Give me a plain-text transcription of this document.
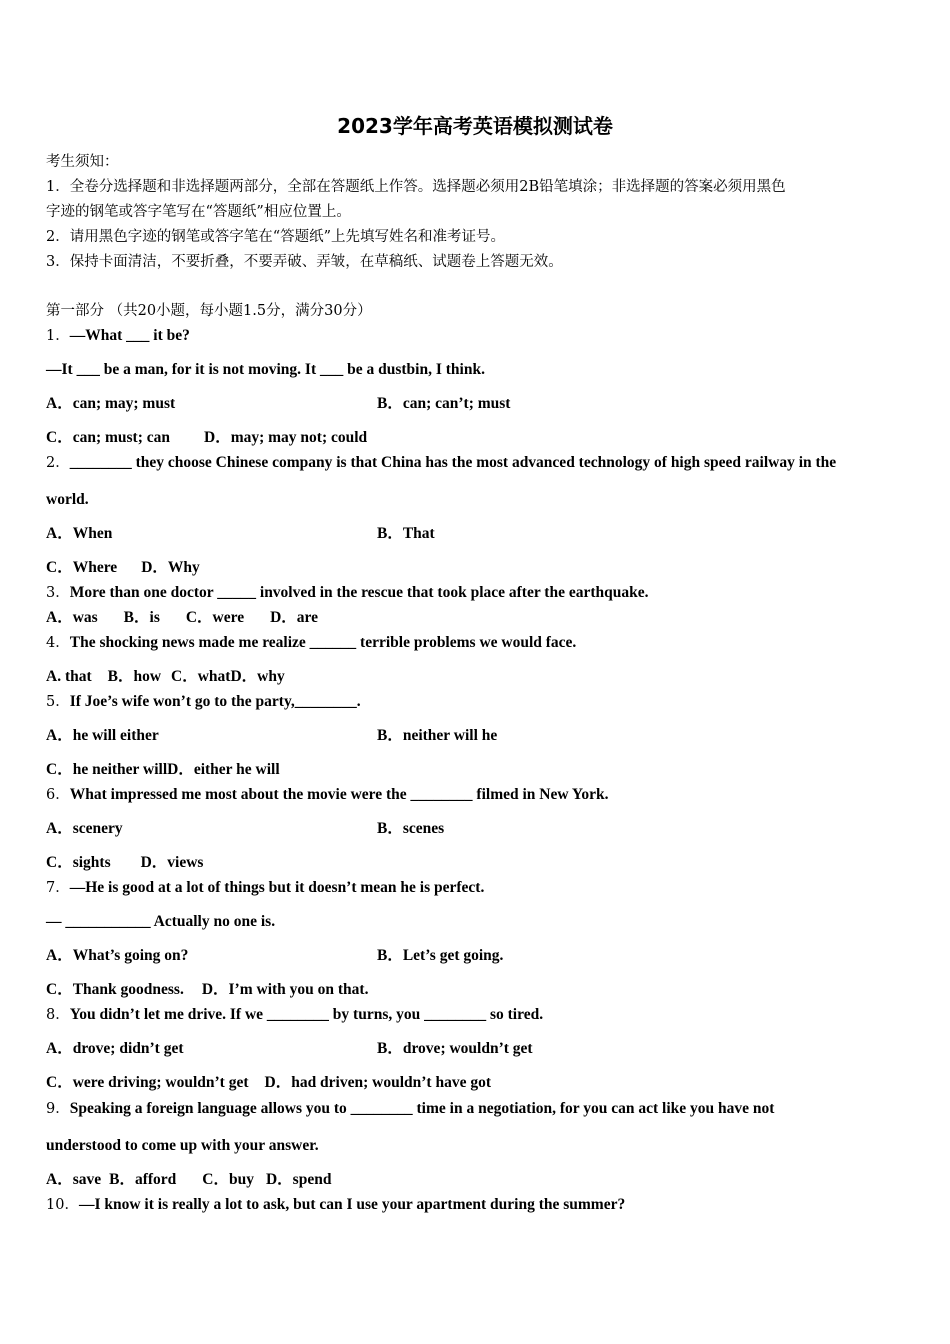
2023学年高考英语模拟测试卷
考生须知：
1．全卷分选择题和非选择题两部分，全部在答题纸上作答。选择题必须用2B铅笔填涂；非选择题的答案必须用黑色
字迹的钢笔或答字笔写在“答题纸”相应位置上。
2．请用黑色字迹的钢笔或答字笔在“答题纸”上先填写姓名和准考证号。
3．保持卡面清洁，不要折叠，不要弄破、弄皱，在草稿纸、试题卷上答题无效。
第一部分 （共20小题，每小题1.5分，满分30分）
1．—What ___ it be?
—It ___ be a man, for it is not moving. It ___ be a dustbin, I think.
A．can; may; must	B．can; can’t; must
C．can; must; can D．may; may not; could
2．________ they choose Chinese company is that China has the most advanced technology of high speed railway in the
world.
A．When	B．That
C．Where D．Why
3．More than one doctor _____ involved in the rescue that took place after the earthquake.
A．was B．is C．were D．are
4．The shocking news made me realize ______ terrible problems we would face.
A. that B．how C．whatD．why
5．If Joe’s wife won’t go to the party,________.
A．he will either	B．neither will he
C．he neither willD．either he will
6．What impressed me most about the movie were the ________ filmed in New York.
A．scenery	B．scenes
C．sights D．views
7．—He is good at a lot of things but it doesn’t mean he is perfect.
— ___________ Actually no one is.
A．What’s going on?	B．Let’s get going.
C．Thank goodness. D．I’m with you on that.
8．You didn’t let me drive. If we ________ by turns, you ________ so tired.
A．drove; didn’t get	B．drove; wouldn’t get
C．were driving; wouldn’t get D．had driven; wouldn’t have got
9．Speaking a foreign language allows you to ________ time in a negotiation, for you can act like you have not
understood to come up with your answer.
A．save B．afford C．buy D．spend
10．—I know it is really a lot to ask, but can I use your apartment during the summer?
